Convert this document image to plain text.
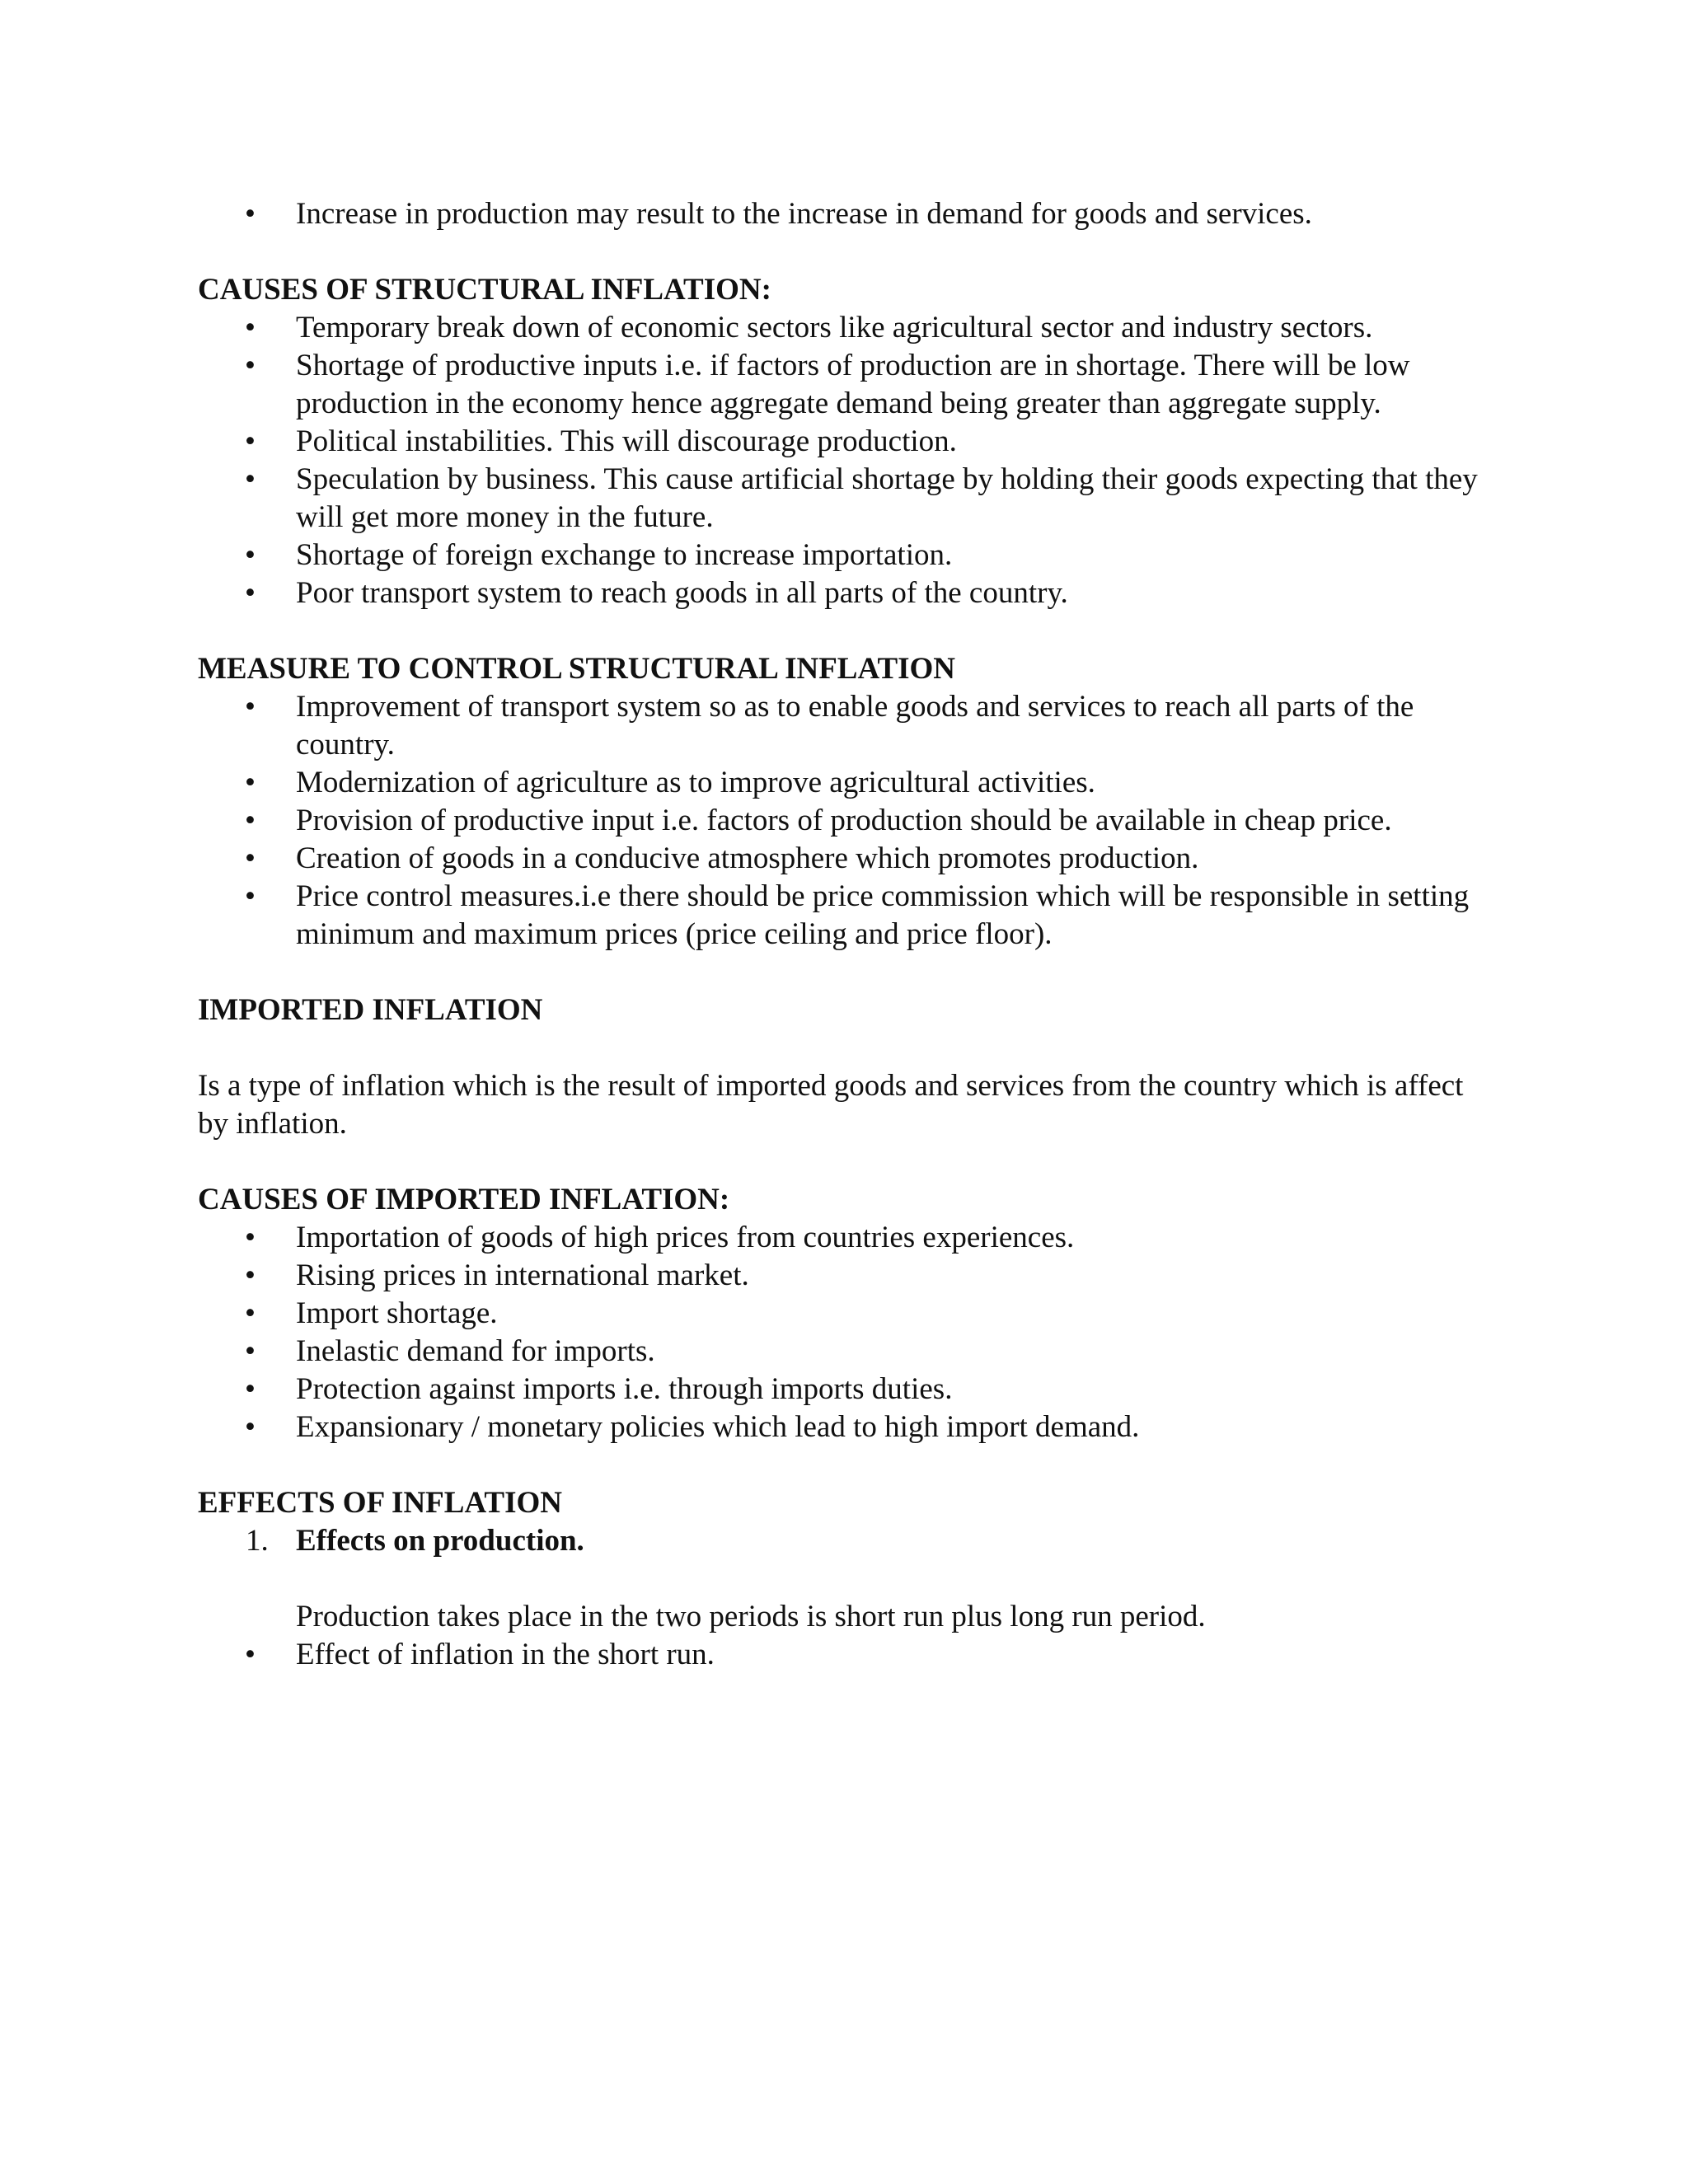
• Increase in production may result to the increase in demand for goods and services.
CAUSES OF STRUCTURAL INFLATION:
• Temporary break down of economic sectors like agricultural sector and industry sectors.
• Shortage of productive inputs i.e. if factors of production are in shortage. There will be low production in the economy hence aggregate demand being greater than aggregate supply.
• Political instabilities. This will discourage production.
• Speculation by business. This cause artificial shortage by holding their goods expecting that they will get more money in the future.
• Shortage of foreign exchange to increase importation.
• Poor transport system to reach goods in all parts of the country.
MEASURE TO CONTROL STRUCTURAL INFLATION
• Improvement of transport system so as to enable goods and services to reach all parts of the country.
• Modernization of agriculture as to improve agricultural activities.
• Provision of productive input i.e. factors of production should be available in cheap price.
• Creation of goods in a conducive atmosphere which promotes production.
• Price control measures.i.e there should be price commission which will be responsible in setting minimum and maximum prices (price ceiling and price floor).
IMPORTED INFLATION

Is a type of inflation which is the result of imported goods and services from the country which is affect by inflation.

CAUSES OF IMPORTED INFLATION:
• Importation of goods of high prices from countries experiences.
• Rising prices in international market.
• Import shortage.
• Inelastic demand for imports.
• Protection against imports i.e. through imports duties.
• Expansionary / monetary policies which lead to high import demand.
EFFECTS OF INFLATION
1. Effects on production.

Production takes place in the two periods is short run plus long run period.

• Effect of inflation in the short run.
